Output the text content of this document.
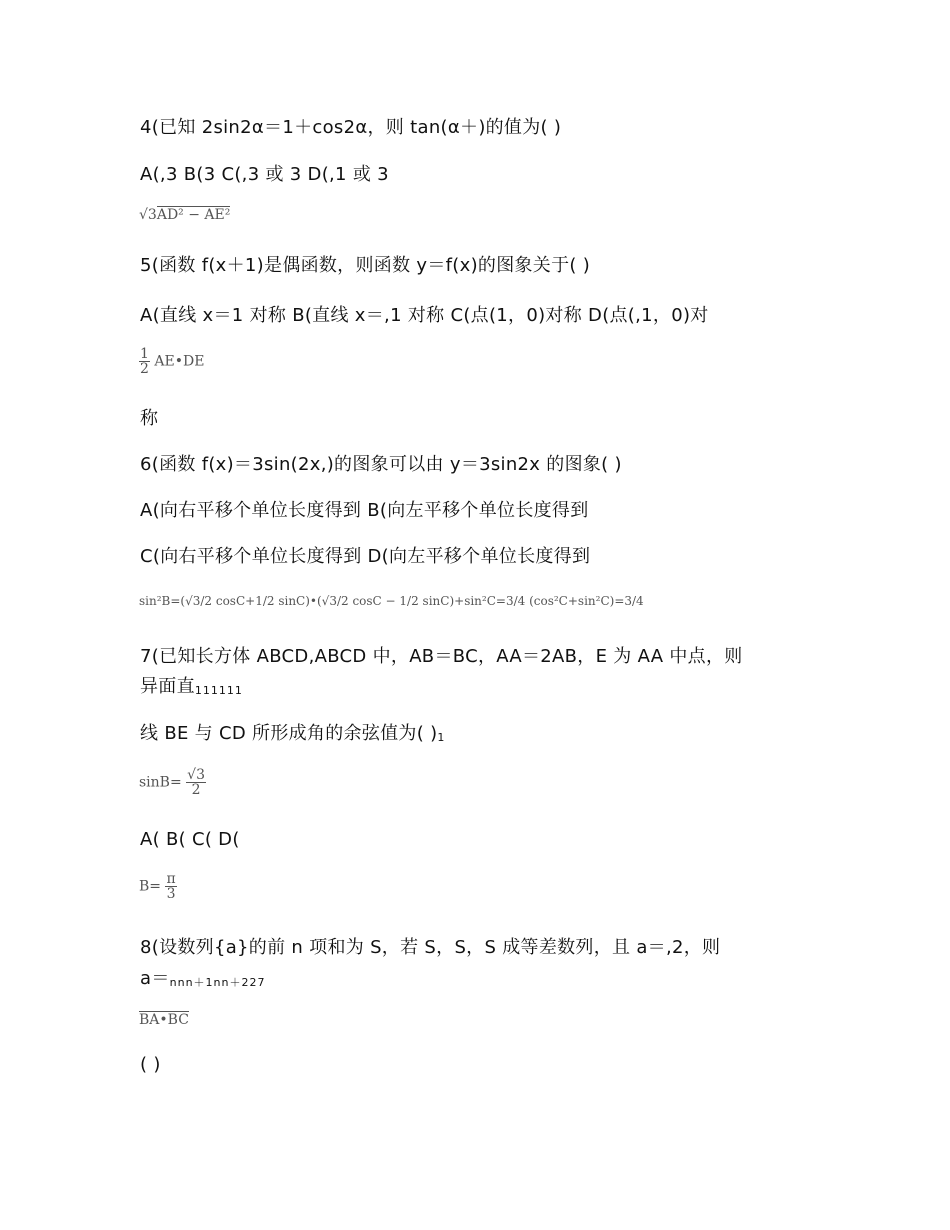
4(已知 2sin2α＝1＋cos2α，则 tan(α＋)的值为( )
A(,3 B(3 C(,3 或 3 D(,1 或 3
√3AD² − AE²
5(函数 f(x＋1)是偶函数，则函数 y＝f(x)的图象关于( )
A(直线 x＝1 对称 B(直线 x＝,1 对称 C(点(1，0)对称 D(点(,1，0)对
$\frac{1}{2}$ AE•DE
称
6(函数 f(x)＝3sin(2x,)的图象可以由 y＝3sin2x 的图象( )
A(向右平移个单位长度得到 B(向左平移个单位长度得到
C(向右平移个单位长度得到 D(向左平移个单位长度得到
sin²B=(√3/2 cosC+1/2 sinC)•(√3/2 cosC − 1/2 sinC)+sin²C=3/4 (cos²C+sin²C)=3/4
7(已知长方体 ABCD,ABCD 中，AB＝BC，AA＝2AB，E 为 AA 中点，则
异面直111111
线 BE 与 CD 所形成角的余弦值为( )1
$\sin B= \frac{√3}{2}$
A( B( C( D(
$B= \frac{\pi}{3}$
8(设数列{a}的前 n 项和为 S，若 S，S，S 成等差数列，且 a＝,2，则
a＝nnn＋1nn＋227
BA•BC
( )
